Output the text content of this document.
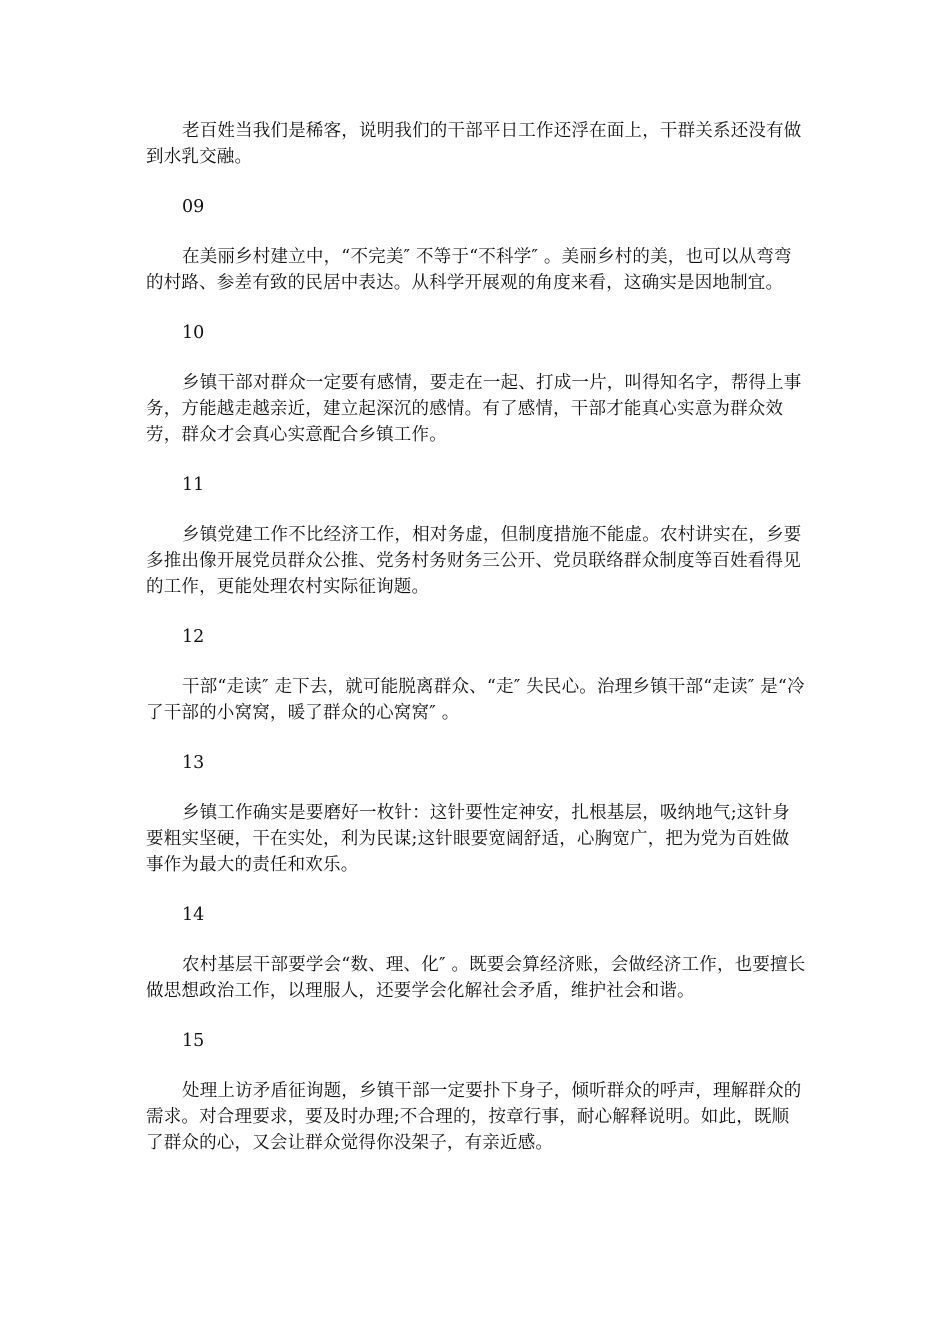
老百姓当我们是稀客，说明我们的干部平日工作还浮在面上，干群关系还没有做到水乳交融。

09

在美丽乡村建立中，“不完美″ 不等于“不科学″ 。美丽乡村的美，也可以从弯弯的村路、参差有致的民居中表达。从科学开展观的角度来看，这确实是因地制宜。

10

乡镇干部对群众一定要有感情，要走在一起、打成一片，叫得知名字，帮得上事务，方能越走越亲近，建立起深沉的感情。有了感情，干部才能真心实意为群众效劳，群众才会真心实意配合乡镇工作。

11

乡镇党建工作不比经济工作，相对务虚，但制度措施不能虚。农村讲实在，乡要多推出像开展党员群众公推、党务村务财务三公开、党员联络群众制度等百姓看得见的工作，更能处理农村实际征询题。

12

干部“走读″ 走下去，就可能脱离群众、“走″ 失民心。治理乡镇干部“走读″ 是“冷了干部的小窝窝，暖了群众的心窝窝″ 。

13

乡镇工作确实是要磨好一枚针：这针要性定神安，扎根基层，吸纳地气;这针身要粗实坚硬，干在实处，利为民谋;这针眼要宽阔舒适，心胸宽广，把为党为百姓做事作为最大的责任和欢乐。

14

农村基层干部要学会“数、理、化″ 。既要会算经济账，会做经济工作，也要擅长做思想政治工作，以理服人，还要学会化解社会矛盾，维护社会和谐。

15

处理上访矛盾征询题，乡镇干部一定要扑下身子，倾听群众的呼声，理解群众的需求。对合理要求，要及时办理;不合理的，按章行事，耐心解释说明。如此，既顺了群众的心，又会让群众觉得你没架子，有亲近感。
